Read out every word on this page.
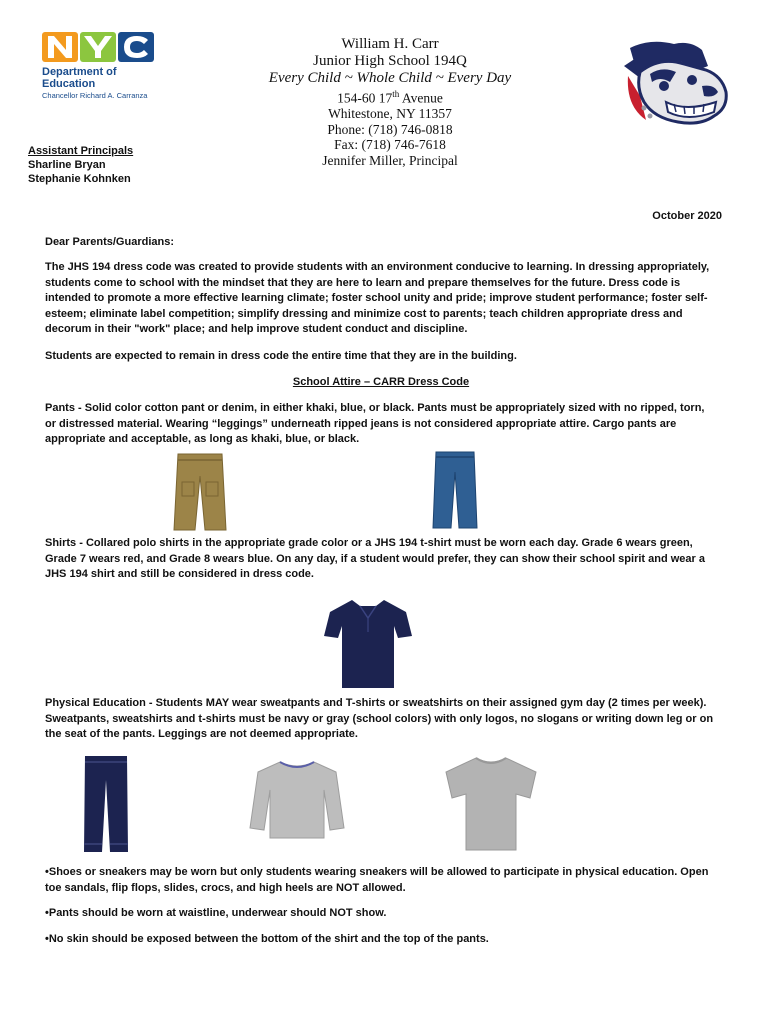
Department of
Education
Chancellor Richard A. Carranza
William H. Carr
Junior High School 194Q
Every Child ~ Whole Child ~ Every Day
154-60 17th Avenue
Whitestone, NY 11357
Phone: (718) 746-0818
Fax: (718) 746-7618
Jennifer Miller, Principal
Assistant Principals
Sharline Bryan
Stephanie Kohnken
October 2020

Dear Parents/Guardians:

The JHS 194 dress code was created to provide students with an environment conducive to learning. In dressing appropriately, students come to school with the mindset that they are here to learn and prepare themselves for the future. Dress code is intended to promote a more effective learning climate; foster school unity and pride; improve student performance; foster self-esteem; eliminate label competition; simplify dressing and minimize cost to parents; teach children appropriate dress and decorum in their "work" place; and help improve student conduct and discipline.

Students are expected to remain in dress code the entire time that they are in the building.

School Attire – CARR Dress Code

Pants - Solid color cotton pant or denim, in either khaki, blue, or black. Pants must be appropriately sized with no ripped, torn, or distressed material. Wearing “leggings” underneath ripped jeans is not considered appropriate attire. Cargo pants are appropriate and acceptable, as long as khaki, blue, or black.

Shirts - Collared polo shirts in the appropriate grade color or a JHS 194 t-shirt must be worn each day. Grade 6 wears green, Grade 7 wears red, and Grade 8 wears blue. On any day, if a student would prefer, they can show their school spirit and wear a JHS 194 shirt and still be considered in dress code.

Physical Education - Students MAY wear sweatpants and T-shirts or sweatshirts on their assigned gym day (2 times per week). Sweatpants, sweatshirts and t-shirts must be navy or gray (school colors) with only logos, no slogans or writing down leg or on the seat of the pants. Leggings are not deemed appropriate.

•Shoes or sneakers may be worn but only students wearing sneakers will be allowed to participate in physical education. Open toe sandals, flip flops, slides, crocs, and high heels are NOT allowed.

•Pants should be worn at waistline, underwear should NOT show.

•No skin should be exposed between the bottom of the shirt and the top of the pants.
